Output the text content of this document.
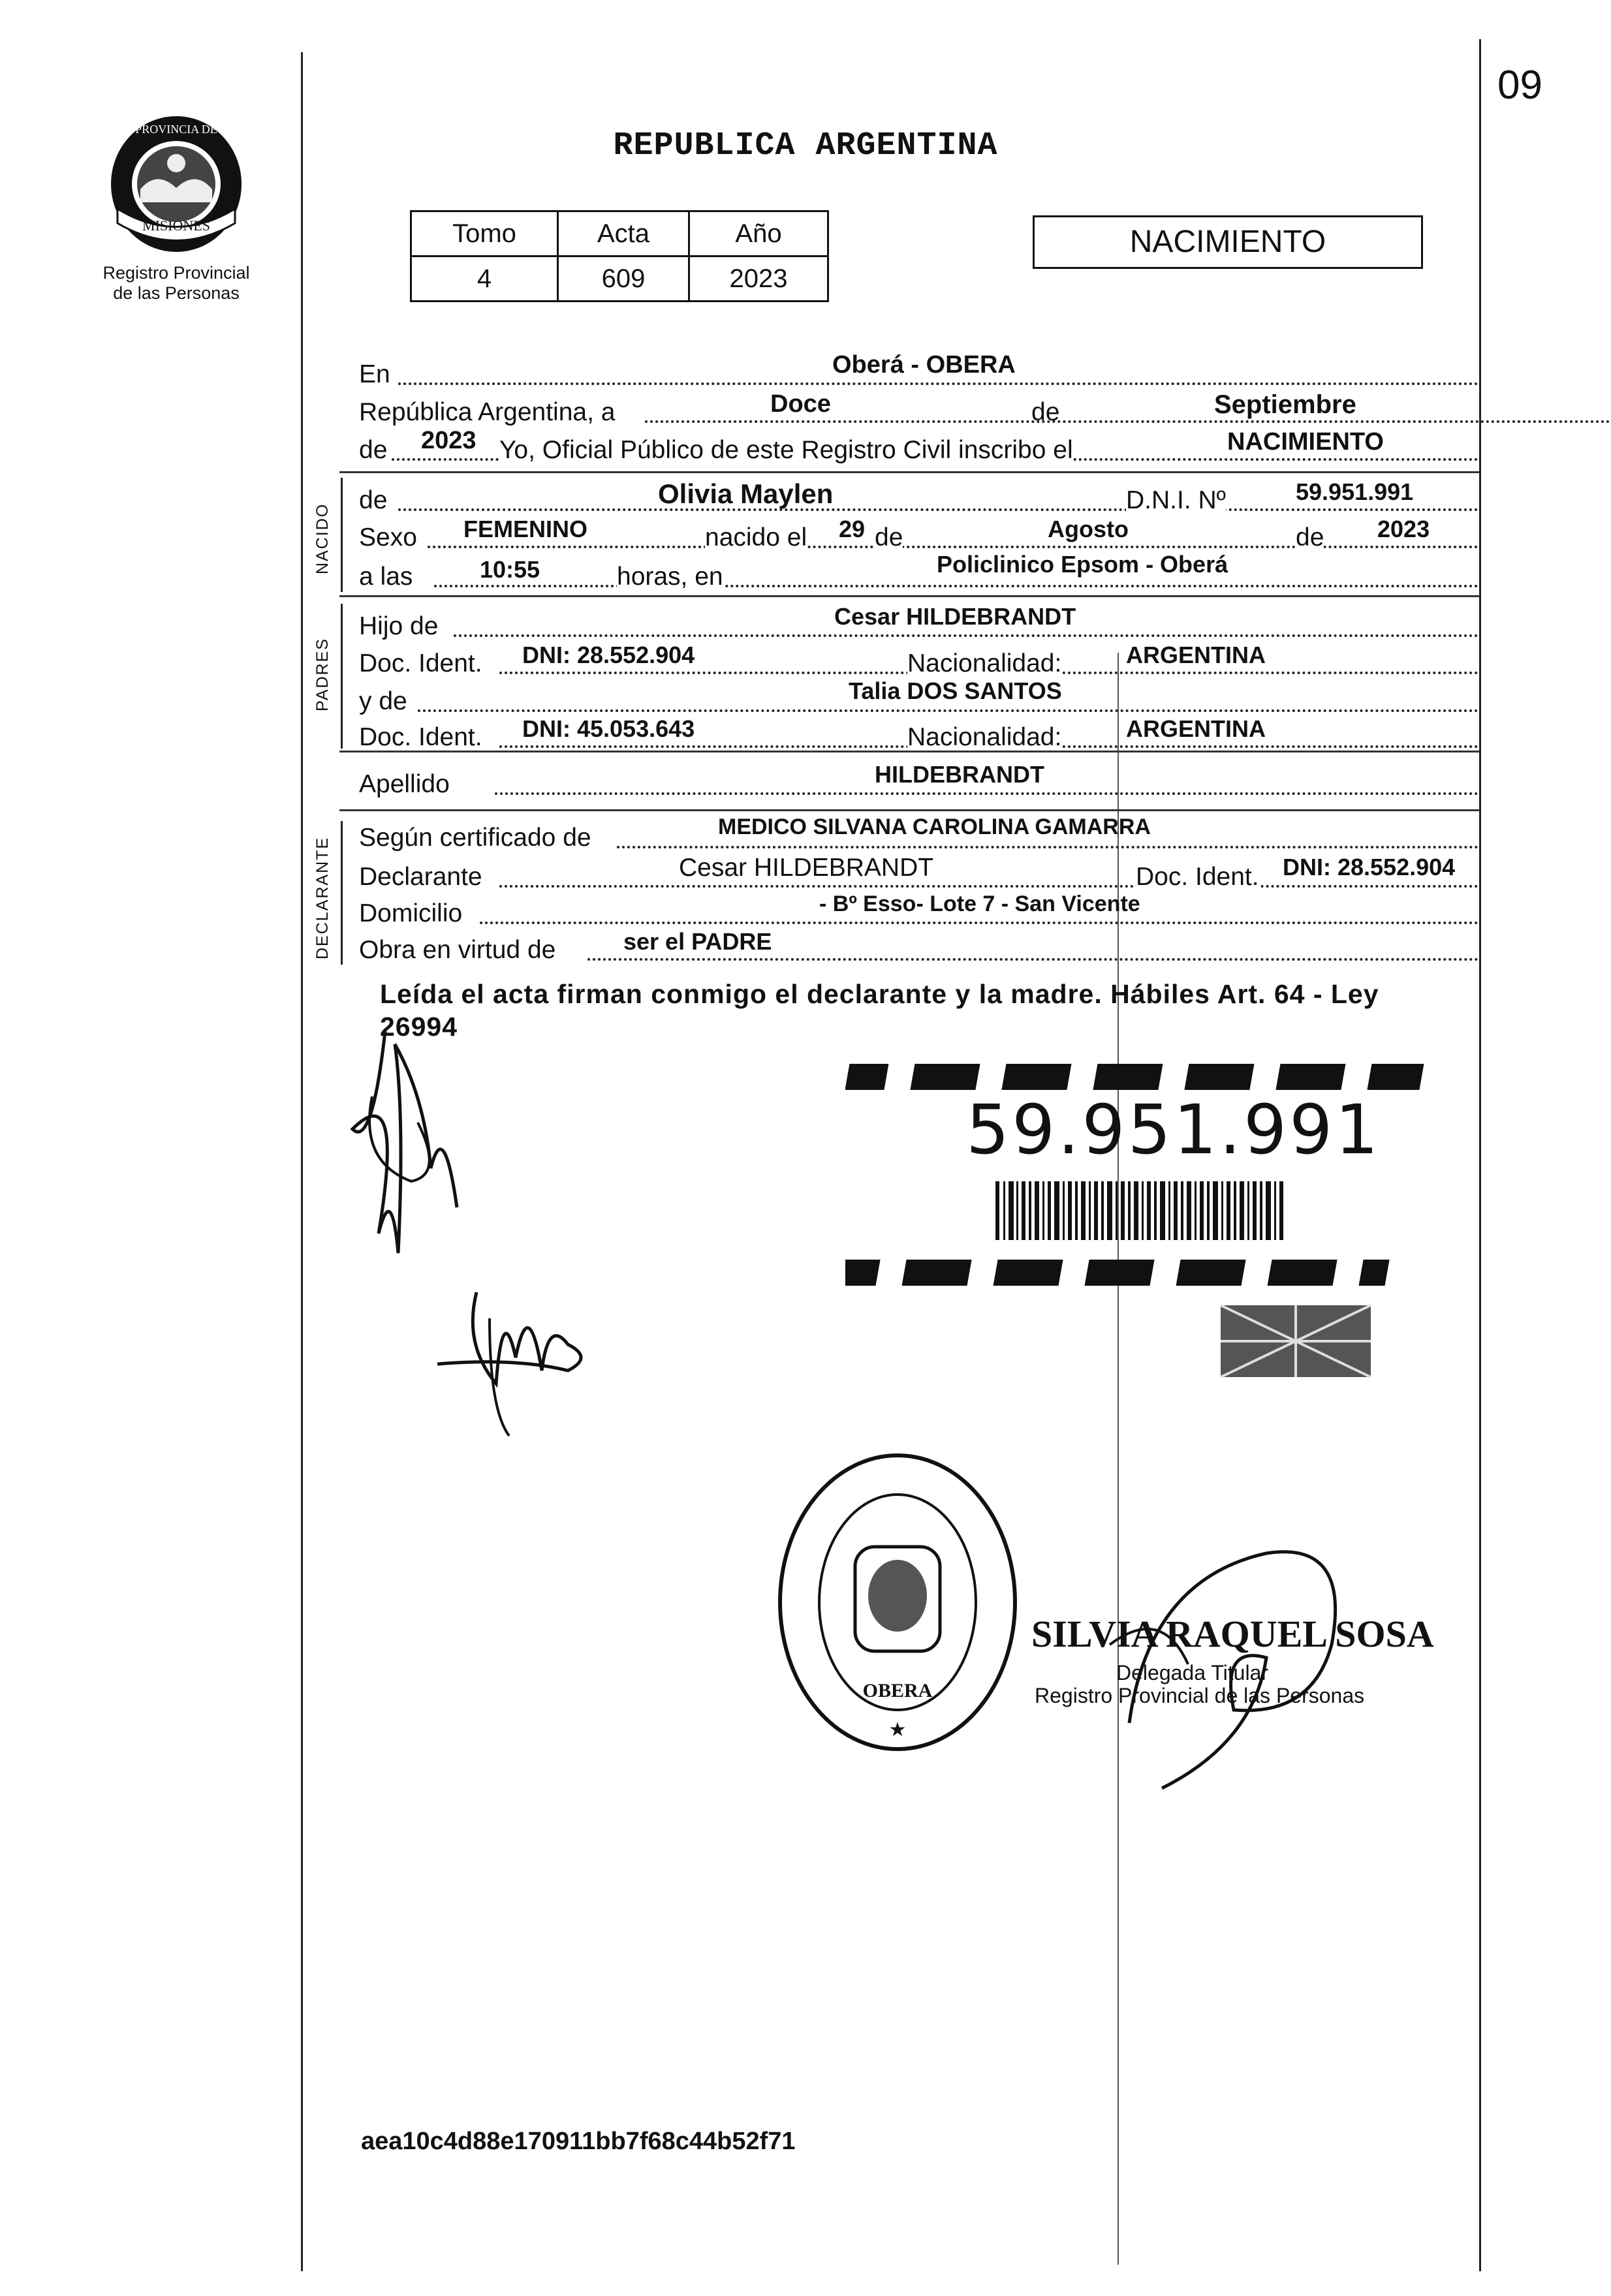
MISIONES
PROVINCIA DE
Registro Provincial
de las Personas
09
REPUBLICA ARGENTINA
Tomo	Acta	Año
4	609	2023
NACIMIENTO
En	Oberá - OBERA
República Argentina, a	Doce	de	Septiembre
de 2023 Yo, Oficial Público de este Registro Civil inscribo el	NACIMIENTO
NACIDO
de	Olivia Maylen	D.N.I. Nº	59.951.991
Sexo FEMENINO	nacido el 29 de	Agosto	de 2023
a las	10:55	horas, en	Policlinico Epsom - Oberá
PADRES
Hijo de	Cesar HILDEBRANDT
Doc. Ident. DNI: 28.552.904	Nacionalidad:	ARGENTINA
y de	Talia DOS SANTOS
Doc. Ident. DNI: 45.053.643	Nacionalidad:	ARGENTINA
Apellido	HILDEBRANDT
DECLARANTE Según certificado de	MEDICO SILVANA CAROLINA GAMARRA
Declarante	Cesar HILDEBRANDT	Doc. Ident. DNI: 28.552.904
Domicilio	- Bº Esso- Lote 7 - San Vicente
Obra en virtud de	ser el PADRE
Leída el acta firman conmigo el declarante y la madre. Hábiles Art. 64 - Ley
26994
59.951.991
OBERA
★
SILVIA RAQUEL SOSA
Delegada Titular
Registro Provincial de las Personas
aea10c4d88e170911bb7f68c44b52f71
